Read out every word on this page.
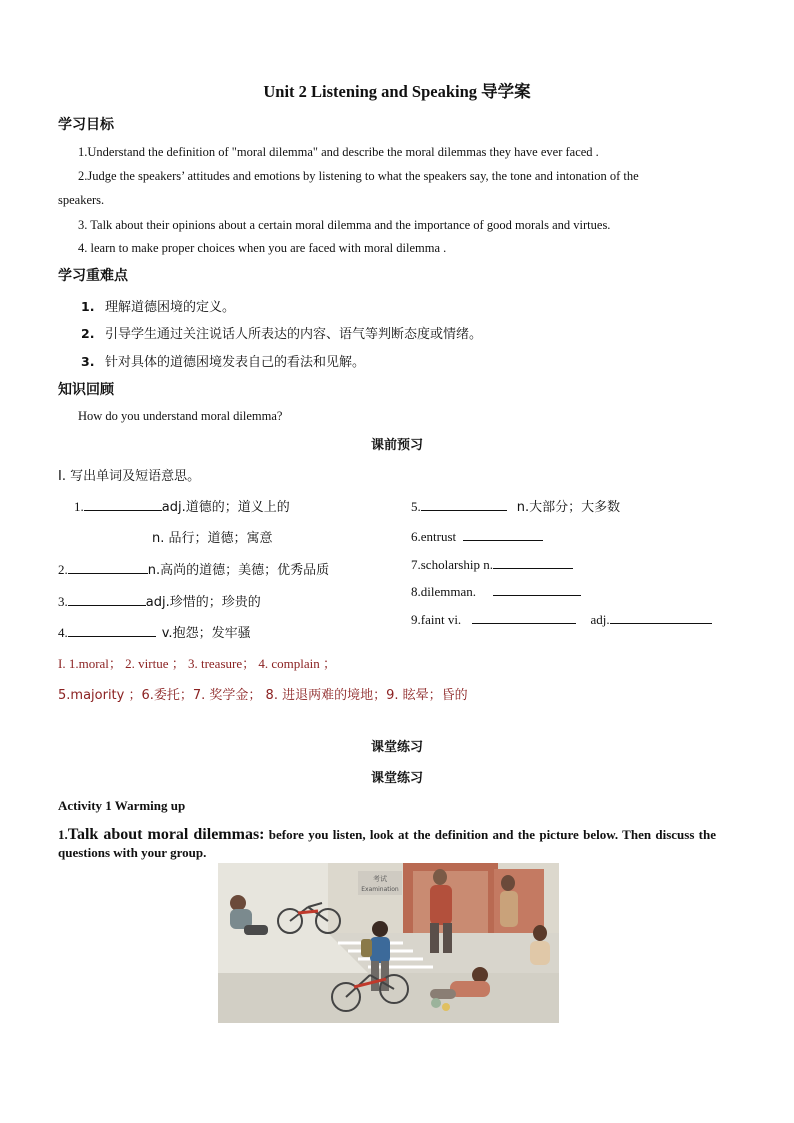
Unit 2 Listening and Speaking 导学案
学习目标
1.Understand the definition of "moral dilemma" and describe the moral dilemmas they have ever faced .
2.Judge the speakers’ attitudes and emotions by listening to what the speakers say, the tone and intonation of the
speakers.
3. Talk about their opinions about a certain moral dilemma and the importance of good morals and virtues.
4. learn to make proper choices when you are faced with moral dilemma .
学习重难点
1. 理解道德困境的定义。
2. 引导学生通过关注说话人所表达的内容、语气等判断态度或情绪。
3. 针对具体的道德困境发表自己的看法和见解。
知识回顾
How do you understand moral dilemma?
课前预习
I. 写出单词及短语意思。
1.	adj.道德的；道义上的
n. 品行；道德；寓意
2.	n.高尚的道德；美德；优秀品质
3.	adj.珍惜的；珍贵的
4.	v.抱怨；发牢骚
5.	n.大部分；大多数
6.entrust
7.scholarship n.
8.dilemman.
9.faint vi.	adj.
I. 1.moral； 2. virtue ； 3. treasure； 4. complain ；
5.majority ；6.委托；7. 奖学金； 8. 进退两难的境地；9. 眩晕；昏的
课堂练习
课堂练习
Activity 1 Warming up
1.Talk about moral dilemmas: before you listen, look at the definition and the picture below. Then discuss the questions with your group.
考试
Examination
